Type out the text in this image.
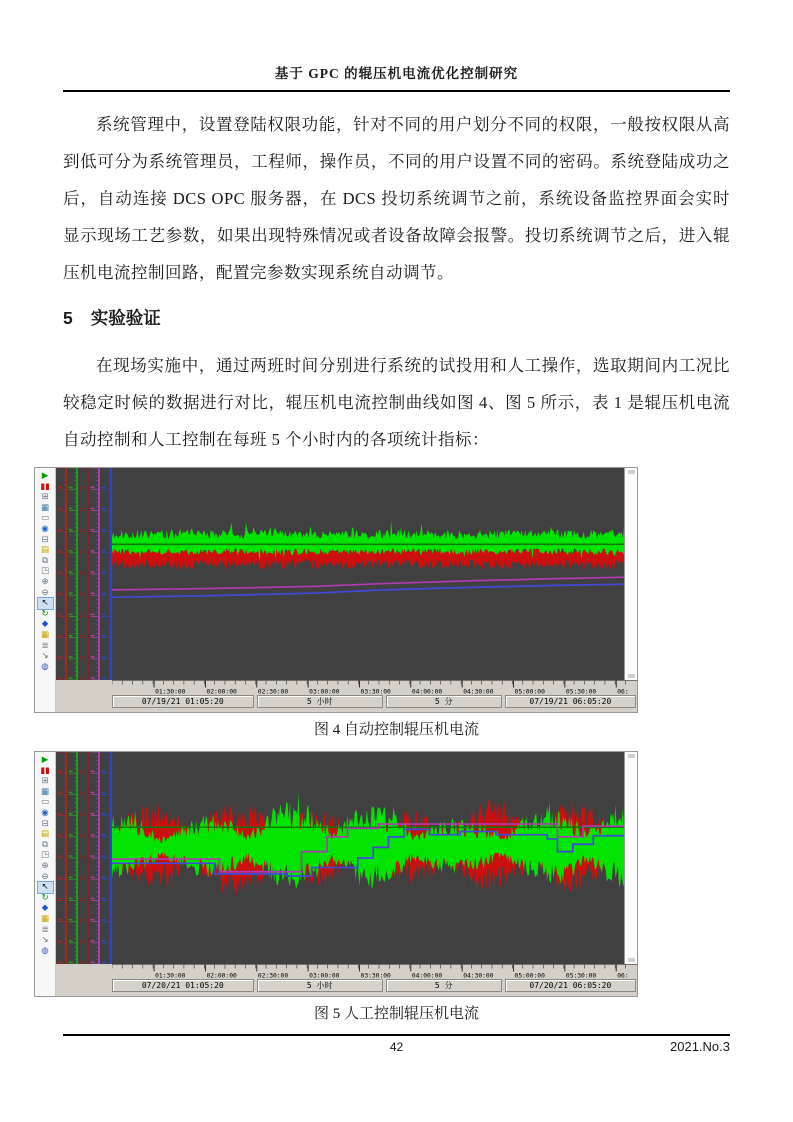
基于 GPC 的辊压机电流优化控制研究

系统管理中，设置登陆权限功能，针对不同的用户划分不同的权限，一般按权限从高到低可分为系统管理员，工程师，操作员，不同的用户设置不同的密码。系统登陆成功之后，自动连接 DCS OPC 服务器，在 DCS 投切系统调节之前，系统设备监控界面会实时显示现场工艺参数，如果出现特殊情况或者设备故障会报警。投切系统调节之后，进入辊压机电流控制回路，配置完参数实现系统自动调节。

5 实验验证

在现场实施中，通过两班时间分别进行系统的试投用和人工操作，选取期间内工况比较稳定时候的数据进行对比，辊压机电流控制曲线如图 4、图 5 所示，表 1 是辊压机电流自动控制和人工控制在每班 5 个小时内的各项统计指标：

▶
▮▮
⊞
▦
▭
◉
⊟
▤
⧉
◳
⊕
⊖
↖
↻
◆
▦
≣
↘
◍
01:30:00 02:00:00 02:30:00 03:00:00 03:30:00 04:00:00 04:30:00 05:00:00 05:30:00 06:
07/19/21 01:05:20	5 小时	5 分	07/19/21 06:05:20
图 4 自动控制辊压机电流
▶
▮▮
⊞
▦
▭
◉
⊟
▤
⧉
◳
⊕
⊖
↖
↻
◆
▦
≣
↘
◍
01:30:00 02:00:00 02:30:00 03:00:00 03:30:00 04:00:00 04:30:00 05:00:00 05:30:00 06:
07/20/21 01:05:20	5 小时	5 分	07/20/21 06:05:20
图 5 人工控制辊压机电流
42	2021.No.3
